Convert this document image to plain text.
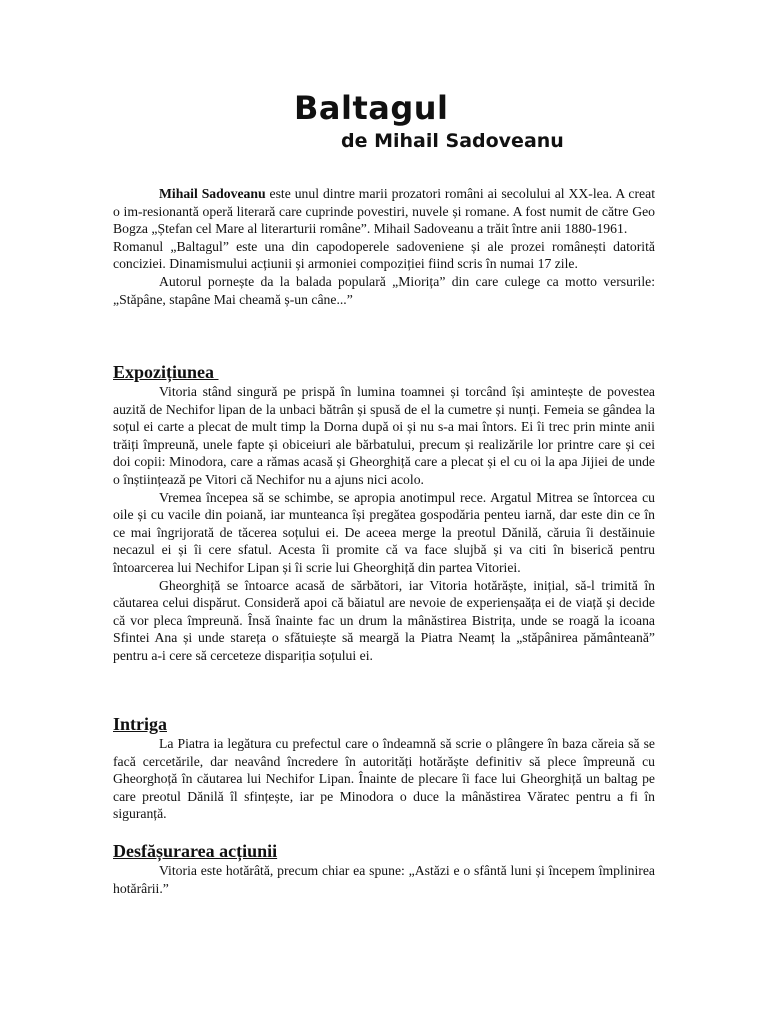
Baltagul
de Mihail Sadoveanu

Mihail Sadoveanu este unul dintre marii prozatori români ai secolului al XX-lea. A creat o im-resionantă operă literară care cuprinde povestiri, nuvele și romane. A fost numit de către Geo Bogza „Ștefan cel Mare al literarturii române”. Mihail Sadoveanu a trăit între anii 1880-1961.

Romanul „Baltagul” este una din capodoperele sadoveniene și ale prozei românești datorită conciziei. Dinamismului acțiunii și armoniei compoziției fiind scris în numai 17 zile.

Autorul pornește da la balada populară „Miorița” din care culege ca motto versurile: „Stăpâne, stapâne Mai cheamă ș-un câne...”

Expozițiunea

Vitoria stând singură pe prispă în lumina toamnei și torcând își amintește de povestea auzită de Nechifor lipan de la unbaci bătrân și spusă de el la cumetre și nunți. Femeia se gândea la soțul ei carte a plecat de mult timp la Dorna după oi și nu s-a mai întors. Ei îi trec prin minte anii trăiți împreună, unele fapte și obiceiuri ale bărbatului, precum și realizările lor printre care și cei doi copii: Minodora, care a rămas acasă și Gheorghiță care a plecat și el cu oi la apa Jijiei de unde o înștiințează pe Vitori că Nechifor nu a ajuns nici acolo.

Vremea începea să se schimbe, se apropia anotimpul rece. Argatul Mitrea se întorcea cu oile și cu vacile din poiană, iar munteanca își pregătea gospodăria penteu iarnă, dar este din ce în ce mai îngrijorată de tăcerea soțului ei. De aceea merge la preotul Dănilă, căruia îi destăinuie necazul ei și îi cere sfatul. Acesta îi promite că va face slujbă și va citi în biserică pentru întoarcerea lui Nechifor Lipan și îi scrie lui Gheorghiță din partea Vitoriei.

Gheorghiță se întoarce acasă de sărbători, iar Vitoria hotărăște, inițial, să-l trimită în căutarea celui dispărut. Consideră apoi că băiatul are nevoie de experienșaăța ei de viață și decide că vor pleca împreună. Însă înainte fac un drum la mânăstirea Bistrița, unde se roagă la icoana Sfintei Ana și unde stareța o sfătuiește să meargă la Piatra Neamț la „stăpânirea pământeană” pentru a-i cere să cerceteze dispariția soțului ei.

Intriga

La Piatra ia legătura cu prefectul care o îndeamnă să scrie o plângere în baza căreia să se facă cercetările, dar neavând încredere în autorități hotărăște definitiv să plece împreună cu Gheorghoță în căutarea lui Nechifor Lipan. Înainte de plecare îi face lui Gheorghiță un baltag pe care preotul Dănilă îl sfințește, iar pe Minodora o duce la mânăstirea Văratec pentru a fi în siguranță.

Desfășurarea acțiunii

Vitoria este hotărâtă, precum chiar ea spune: „Astăzi e o sfântă luni și începem împlinirea hotărârii.”
